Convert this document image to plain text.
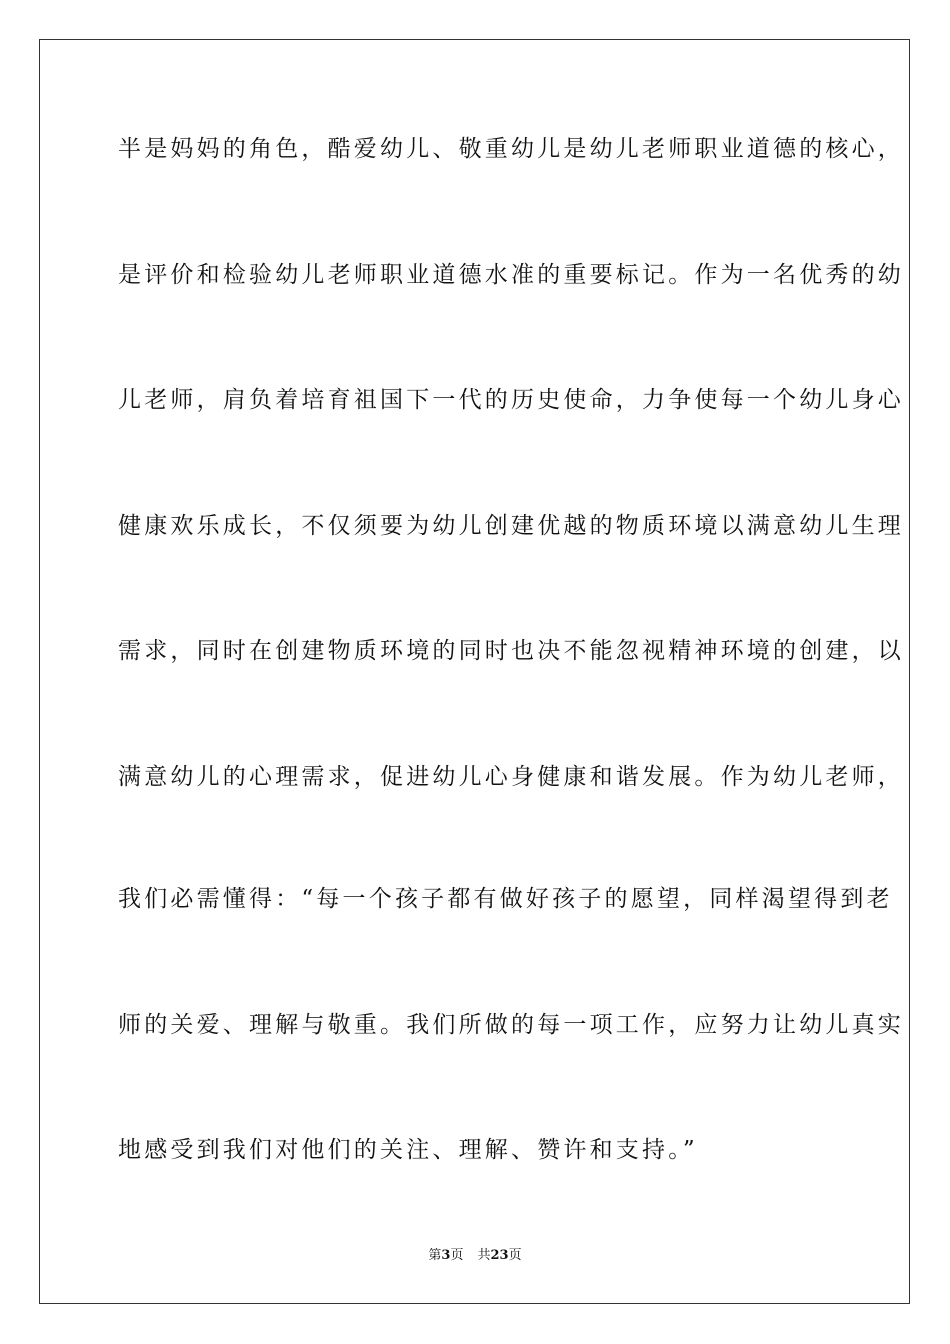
半是妈妈的角色，酷爱幼儿、敬重幼儿是幼儿老师职业道德的核心，
是评价和检验幼儿老师职业道德水准的重要标记。作为一名优秀的幼
儿老师，肩负着培育祖国下一代的历史使命，力争使每一个幼儿身心
健康欢乐成长，不仅须要为幼儿创建优越的物质环境以满意幼儿生理
需求，同时在创建物质环境的同时也决不能忽视精神环境的创建，以
满意幼儿的心理需求，促进幼儿心身健康和谐发展。作为幼儿老师，
我们必需懂得：“每一个孩子都有做好孩子的愿望，同样渴望得到老
师的关爱、理解与敬重。我们所做的每一项工作，应努力让幼儿真实
地感受到我们对他们的关注、理解、赞许和支持。”
第3页 共23页
